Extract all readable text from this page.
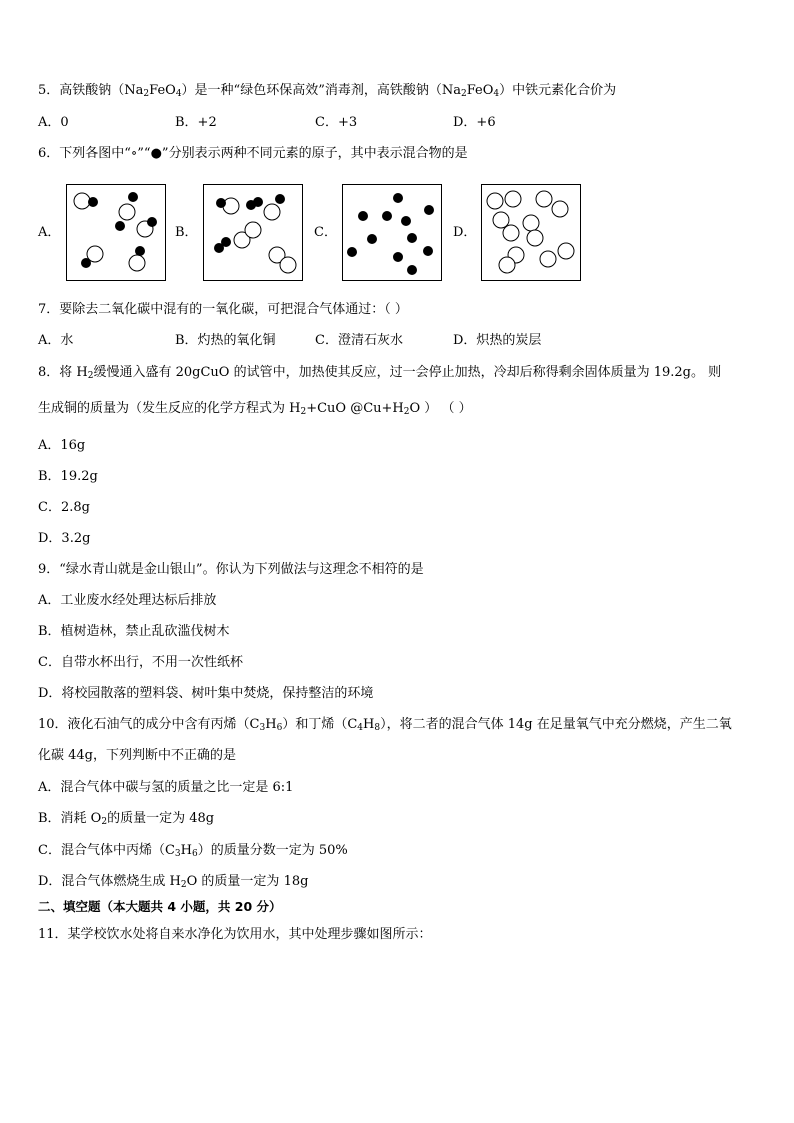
5．高铁酸钠$(Na_2FeO_4)$是一种“绿色环保高效”消毒剂，高铁酸钠$(Na_2FeO_4)$中铁元素化合价为
A．0	B．+2	C．+3	D．+6
6．下列各图中“∘”“●”分别表示两种不同元素的原子，其中表示混合物的是
A．	B．	C．	D．
7．要除去二氧化碳中混有的一氧化碳，可把混合气体通过：（ ）
A．水	B．灼热的氧化铜	C．澄清石灰水	D．炽热的炭层
8．将 $H_2$缓慢通入盛有 20gCuO 的试管中，加热使其反应，过一会停止加热，冷却后称得剩余固体质量为 19.2g。 则
生成铜的质量为（发生反应的化学方程式为 $H_2+CuO$ $@Cu+H_2O$ ） （ ）
A．16g
B．19.2g
C．2.8g
D．3.2g
9．“绿水青山就是金山银山”。你认为下列做法与这理念不相符的是
A．工业废水经处理达标后排放
B．植树造林，禁止乱砍滥伐树木
C．自带水杯出行，不用一次性纸杯
D．将校园散落的塑料袋、树叶集中焚烧，保持整洁的环境
10．液化石油气的成分中含有丙烯$(C_3H_6)$和丁烯$(C_4H_8)$，将二者的混合气体 14g 在足量氧气中充分燃烧，产生二氧
化碳 44g，下列判断中不正确的是
A．混合气体中碳与氢的质量之比一定是 6:1
B．消耗 $O_2$的质量一定为 48g
C．混合气体中丙烯$(C_3H_6)$的质量分数一定为 50%
D．混合气体燃烧生成 $H_2O$ 的质量一定为 18g
二、填空题（本大题共 4 小题，共 20 分）
11．某学校饮水处将自来水净化为饮用水，其中处理步骤如图所示：
